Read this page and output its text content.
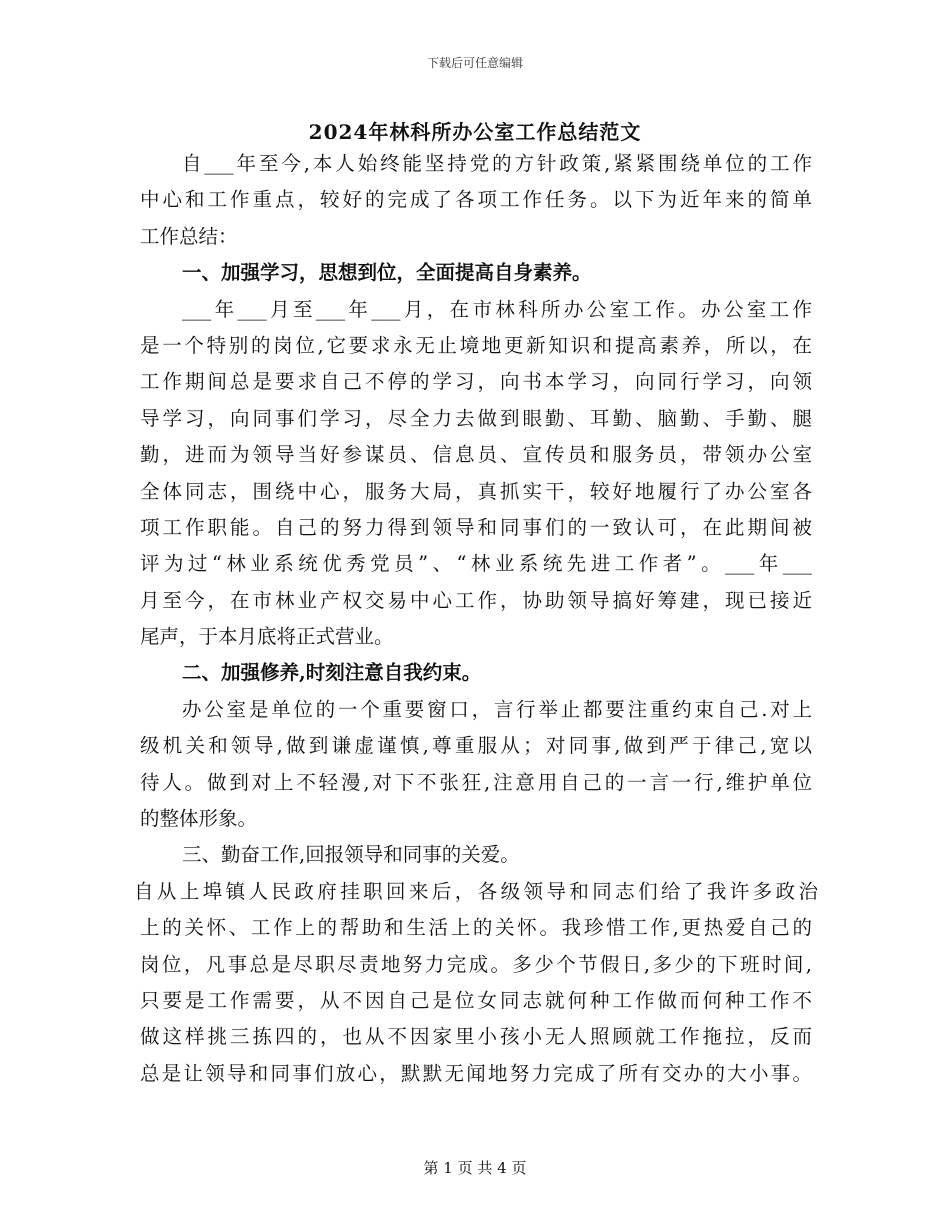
下载后可任意编辑
2024年林科所办公室工作总结范文
自___年至今,本人始终能坚持党的方针政策,紧紧围绕单位的工作
中心和工作重点，较好的完成了各项工作任务。以下为近年来的简单
工作总结：
一、加强学习，思想到位，全面提高自身素养。
___年___月至___年___月，在市林科所办公室工作。办公室工作
是一个特别的岗位,它要求永无止境地更新知识和提高素养，所以，在
工作期间总是要求自己不停的学习，向书本学习，向同行学习，向领
导学习，向同事们学习，尽全力去做到眼勤、耳勤、脑勤、手勤、腿
勤，进而为领导当好参谋员、信息员、宣传员和服务员，带领办公室
全体同志，围绕中心，服务大局，真抓实干，较好地履行了办公室各
项工作职能。自己的努力得到领导和同事们的一致认可，在此期间被
评为过“林业系统优秀党员”、“林业系统先进工作者”。___年___
月至今，在市林业产权交易中心工作，协助领导搞好筹建，现已接近
尾声，于本月底将正式营业。
二、加强修养,时刻注意自我约束。
办公室是单位的一个重要窗口，言行举止都要注重约束自己.对上
级机关和领导,做到谦虚谨慎,尊重服从；对同事,做到严于律己,宽以
待人。做到对上不轻漫,对下不张狂,注意用自己的一言一行,维护单位
的整体形象。
三、勤奋工作,回报领导和同事的关爱。
自从上埠镇人民政府挂职回来后，各级领导和同志们给了我许多政治
上的关怀、工作上的帮助和生活上的关怀。我珍惜工作,更热爱自己的
岗位，凡事总是尽职尽责地努力完成。多少个节假日,多少的下班时间,
只要是工作需要，从不因自己是位女同志就何种工作做而何种工作不
做这样挑三拣四的，也从不因家里小孩小无人照顾就工作拖拉，反而
总是让领导和同事们放心，默默无闻地努力完成了所有交办的大小事。
第 1 页 共 4 页
